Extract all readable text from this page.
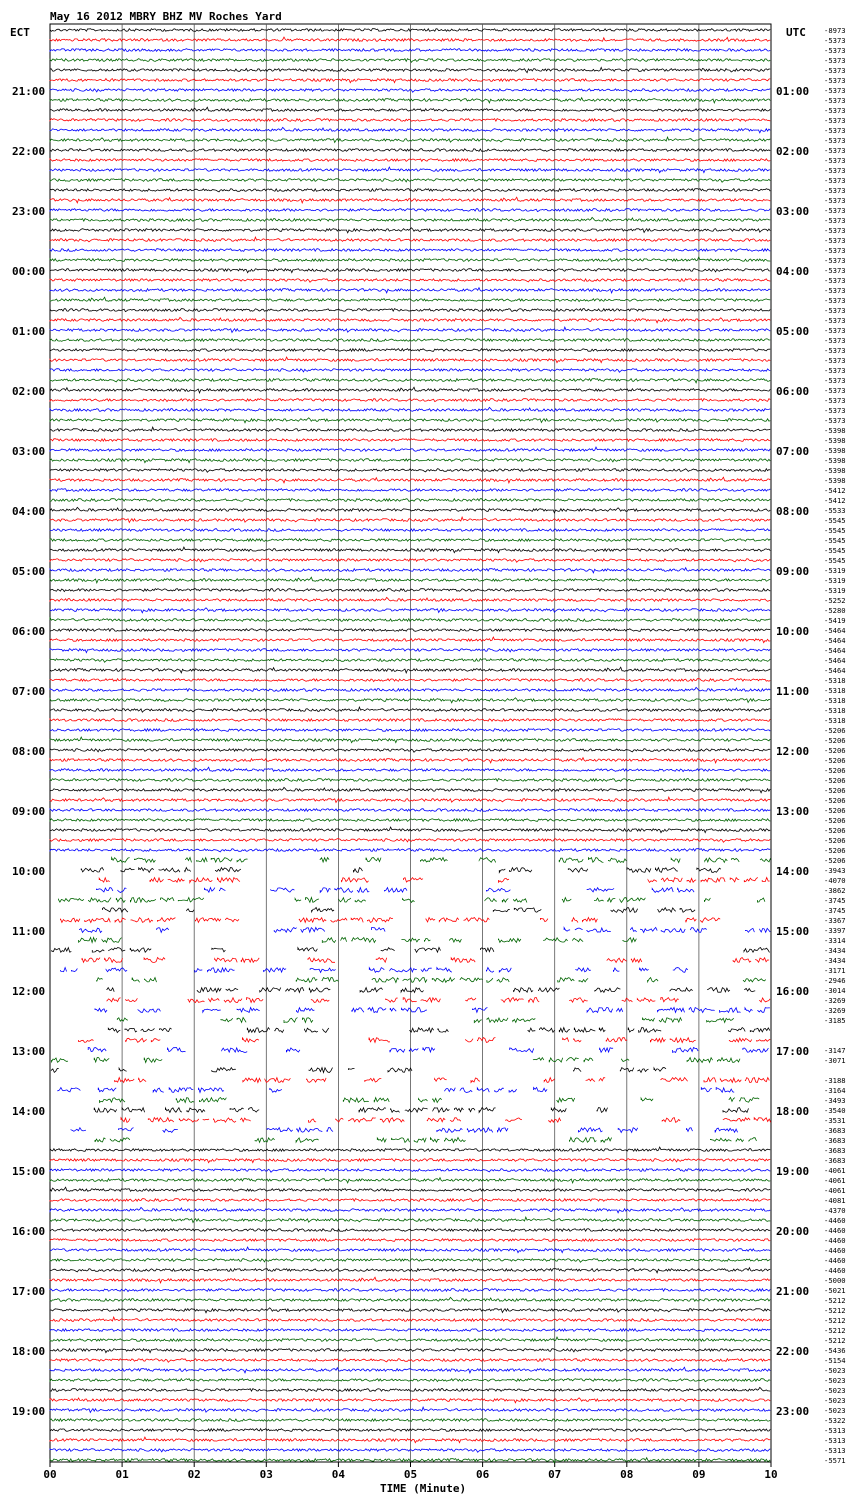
May 16 2012 MBRY BHZ MV Roches Yard
ECT	UTC
TIME (Minute)
00	01	02	03	04	05	06	07	08	09	10
21:00
22:00
23:00
00:00
01:00
02:00
03:00
04:00
05:00
06:00
07:00
08:00
09:00
10:00
11:00
12:00
13:00
14:00
15:00
16:00
17:00
18:00
19:00
01:00
02:00
03:00
04:00
05:00
06:00
07:00
08:00
09:00
10:00
11:00
12:00
13:00
14:00
15:00
16:00
17:00
18:00
19:00
20:00
21:00
22:00
23:00
-8973
-5373
-5373
-5373
-5373
-5373
-5373
-5373
-5373
-5373
-5373
-5373
-5373
-5373
-5373
-5373
-5373
-5373
-5373
-5373
-5373
-5373
-5373
-5373
-5373
-5373
-5373
-5373
-5373
-5373
-5373
-5373
-5373
-5373
-5373
-5373
-5373
-5373
-5373
-5373
-5398
-5398
-5398
-5398
-5398
-5398
-5412
-5412
-5533
-5545
-5545
-5545
-5545
-5545
-5319
-5319
-5319
-5252
-5280
-5419
-5464
-5464
-5464
-5464
-5464
-5318
-5318
-5318
-5318
-5318
-5206
-5206
-5206
-5206
-5206
-5206
-5206
-5206
-5206
-5206
-5206
-5206
-5206
-5206
-3943
-4070
-3862
-3745
-3745
-3367
-3397
-3314
-3434
-3434
-3171
-2946
-3014
-3269
-3269
-3185
-3147
-3071
-3188
-3164
-3493
-3540
-3531
-3683
-3683
-3683
-3683
-4061
-4061
-4061
-4081
-4370
-4460
-4460
-4460
-4460
-4460
-4460
-5000
-5021
-5212
-5212
-5212
-5212
-5212
-5436
-5154
-5023
-5023
-5023
-5023
-5023
-5322
-5313
-5313
-5313
-5571
